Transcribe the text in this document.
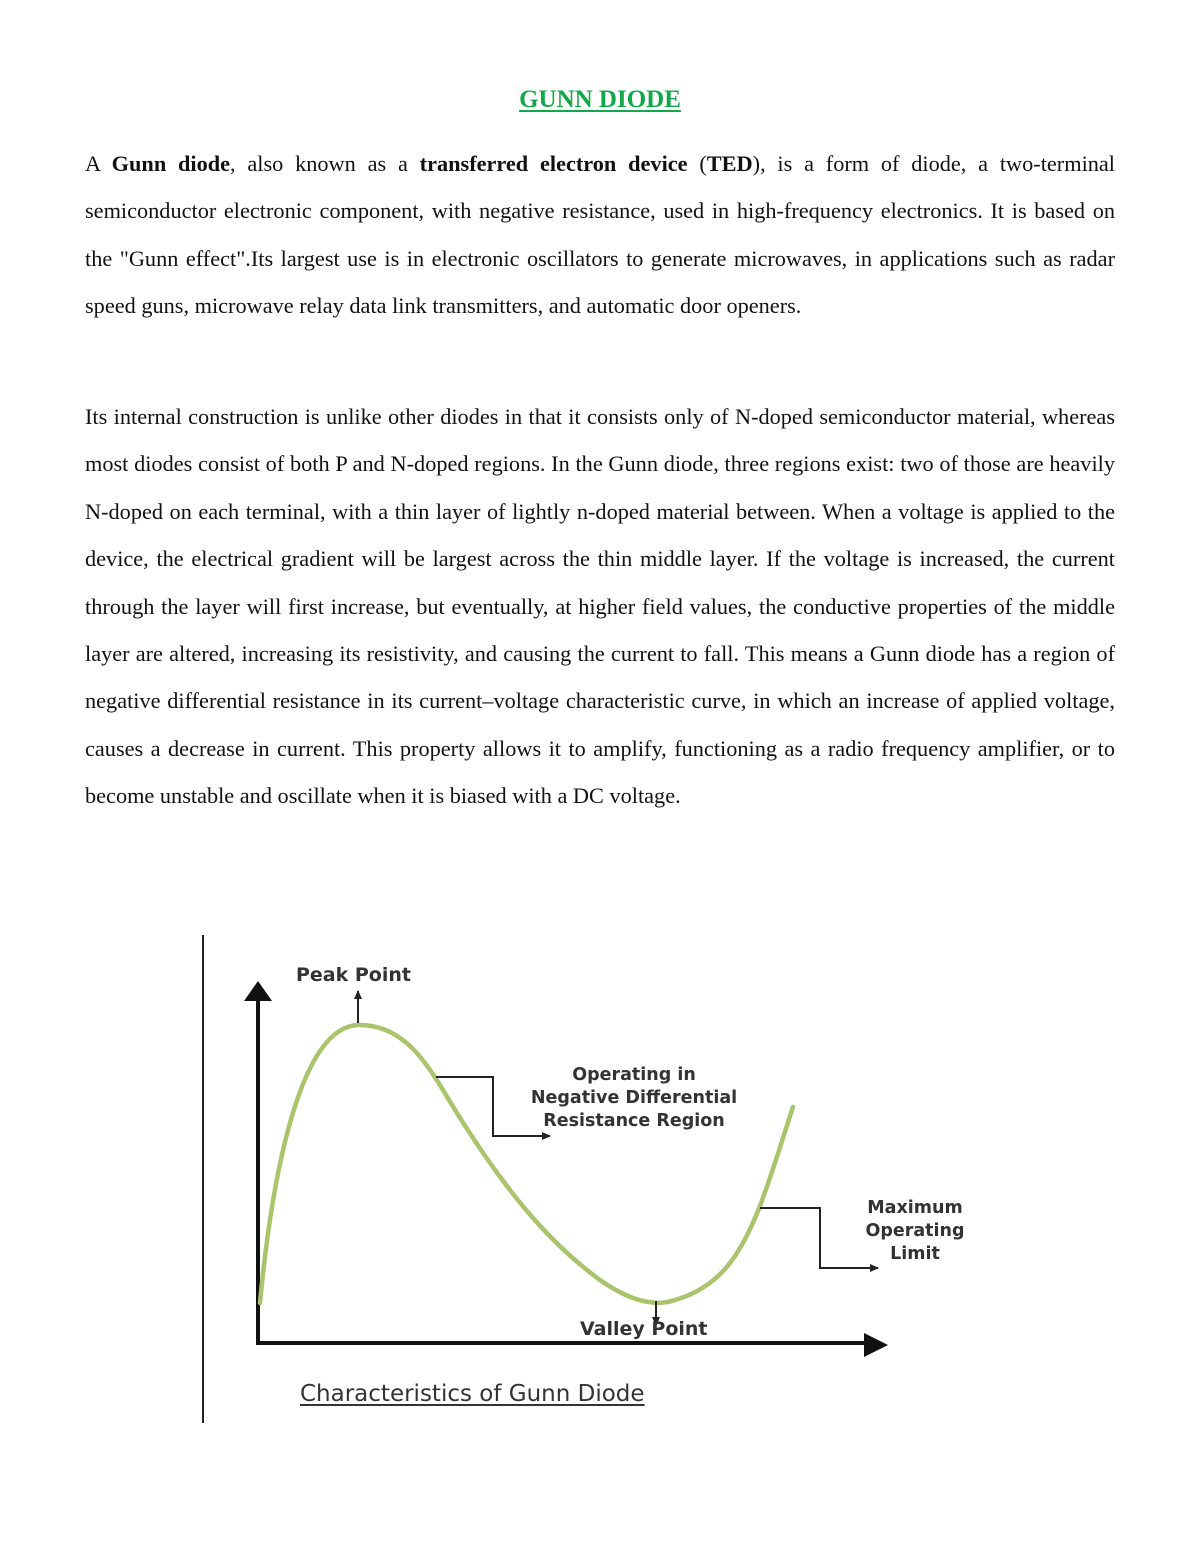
GUNN DIODE

A Gunn diode, also known as a transferred electron device (TED), is a form of diode, a two-terminal semiconductor electronic component, with negative resistance, used in high-frequency electronics. It is based on the "Gunn effect".Its largest use is in electronic oscillators to generate microwaves, in applications such as radar speed guns, microwave relay data link transmitters, and automatic door openers.

Its internal construction is unlike other diodes in that it consists only of N-doped semiconductor material, whereas most diodes consist of both P and N-doped regions. In the Gunn diode, three regions exist: two of those are heavily N-doped on each terminal, with a thin layer of lightly n-doped material between. When a voltage is applied to the device, the electrical gradient will be largest across the thin middle layer. If the voltage is increased, the current through the layer will first increase, but eventually, at higher field values, the conductive properties of the middle layer are altered, increasing its resistivity, and causing the current to fall. This means a Gunn diode has a region of negative differential resistance in its current–voltage characteristic curve, in which an increase of applied voltage, causes a decrease in current. This property allows it to amplify, functioning as a radio frequency amplifier, or to become unstable and oscillate when it is biased with a DC voltage.

Peak Point
Operating in
Negative Differential
Resistance Region
Maximum
Operating
Limit
Valley Point
Characteristics of Gunn Diode
